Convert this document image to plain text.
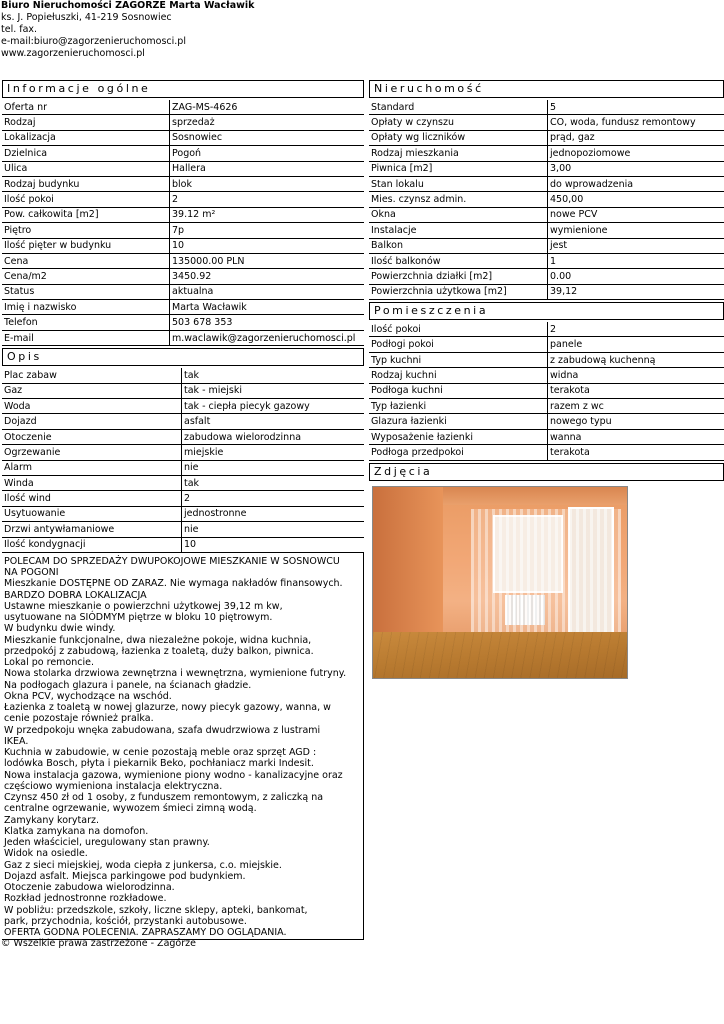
Biuro Nieruchomości ZAGÓRZE Marta Wacławik
ks. J. Popiełuszki, 41-219 Sosnowiec
tel. fax.
e-mail:biuro@zagorzenieruchomosci.pl
www.zagorzenieruchomosci.pl
Informacje ogólne
Oferta nr	ZAG-MS-4626
Rodzaj	sprzedaż
Lokalizacja	Sosnowiec
Dzielnica	Pogoń
Ulica	Hallera
Rodzaj budynku	blok
Ilość pokoi	2
Pow. całkowita [m2]	39.12 m²
Piętro	7p
Ilość pięter w budynku	10
Cena	135000.00 PLN
Cena/m2	3450.92
Status	aktualna
Imię i nazwisko	Marta Wacławik
Telefon	503 678 353
E-mail	m.waclawik@zagorzenieruchomosci.pl
Opis
Plac zabaw	tak
Gaz	tak - miejski
Woda	tak - ciepła piecyk gazowy
Dojazd	asfalt
Otoczenie	zabudowa wielorodzinna
Ogrzewanie	miejskie
Alarm	nie
Winda	tak
Ilość wind	2
Usytuowanie	jednostronne
Drzwi antywłamaniowe	nie
Ilość kondygnacji	10
POLECAM DO SPRZEDAŻY DWUPOKOJOWE MIESZKANIE W SOSNOWCU
NA POGONI
Mieszkanie DOSTĘPNE OD ZARAZ. Nie wymaga nakładów finansowych.
BARDZO DOBRA LOKALIZACJA
Ustawne mieszkanie o powierzchni użytkowej 39,12 m kw,
usytuowane na SIÓDMYM piętrze w bloku 10 piętrowym.
W budynku dwie windy.
Mieszkanie funkcjonalne, dwa niezależne pokoje, widna kuchnia,
przedpokój z zabudową, łazienka z toaletą, duży balkon, piwnica.
Lokal po remoncie.
Nowa stolarka drzwiowa zewnętrzna i wewnętrzna, wymienione futryny.
Na podłogach glazura i panele, na ścianach gładzie.
Okna PCV, wychodzące na wschód.
Łazienka z toaletą w nowej glazurze, nowy piecyk gazowy, wanna, w
cenie pozostaje również pralka.
W przedpokoju wnęka zabudowana, szafa dwudrzwiowa z lustrami
IKEA.
Kuchnia w zabudowie, w cenie pozostają meble oraz sprzęt AGD :
lodówka Bosch, płyta i piekarnik Beko, pochłaniacz marki Indesit.
Nowa instalacja gazowa, wymienione piony wodno - kanalizacyjne oraz
częściowo wymieniona instalacja elektryczna.
Czynsz 450 zł od 1 osoby, z funduszem remontowym, z zaliczką na
centralne ogrzewanie, wywozem śmieci zimną wodą.
Zamykany korytarz.
Klatka zamykana na domofon.
Jeden właściciel, uregulowany stan prawny.
Widok na osiedle.
Gaz z sieci miejskiej, woda ciepła z junkersa, c.o. miejskie.
Dojazd asfalt. Miejsca parkingowe pod budynkiem.
Otoczenie zabudowa wielorodzinna.
Rozkład jednostronne rozkładowe.
W pobliżu: przedszkole, szkoły, liczne sklepy, apteki, bankomat,
park, przychodnia, kościół, przystanki autobusowe.
OFERTA GODNA POLECENIA. ZAPRASZAMY DO OGLĄDANIA.
Nieruchomość
Standard	5
Opłaty w czynszu	CO, woda, fundusz remontowy
Opłaty wg liczników	prąd, gaz
Rodzaj mieszkania	jednopoziomowe
Piwnica [m2]	3,00
Stan lokalu	do wprowadzenia
Mies. czynsz admin.	450,00
Okna	nowe PCV
Instalacje	wymienione
Balkon	jest
Ilość balkonów	1
Powierzchnia działki [m2]	0.00
Powierzchnia użytkowa [m2]	39,12
Pomieszczenia
Ilość pokoi	2
Podłogi pokoi	panele
Typ kuchni	z zabudową kuchenną
Rodzaj kuchni	widna
Podłoga kuchni	terakota
Typ łazienki	razem z wc
Glazura łazienki	nowego typu
Wyposażenie łazienki	wanna
Podłoga przedpokoi	terakota
Zdjęcia
© Wszelkie prawa zastrzeżone - Zagórze
